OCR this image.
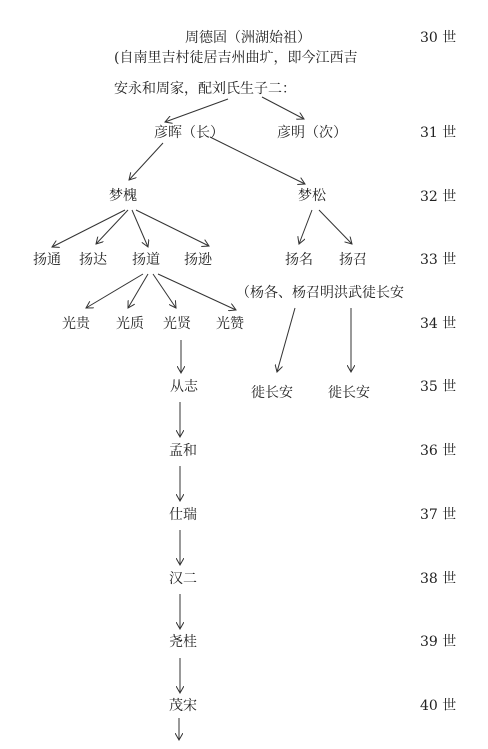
周德固（洲湖始祖）
(自南里吉村徒居吉州曲圹，即今江西吉
安永和周家，配刘氏生子二：
彦晖（长）	彦明（次）
梦槐	梦松
扬通 扬达 扬道 扬逊	扬名 扬召
（杨各、杨召明洪武徒长安
光贵 光质 光贤 光赞
徙长安	徙长安
从志
孟和
仕瑞
汉二
尧桂
茂宋
30 世
31 世
32 世
33 世
34 世
35 世
36 世
37 世
38 世
39 世
40 世
